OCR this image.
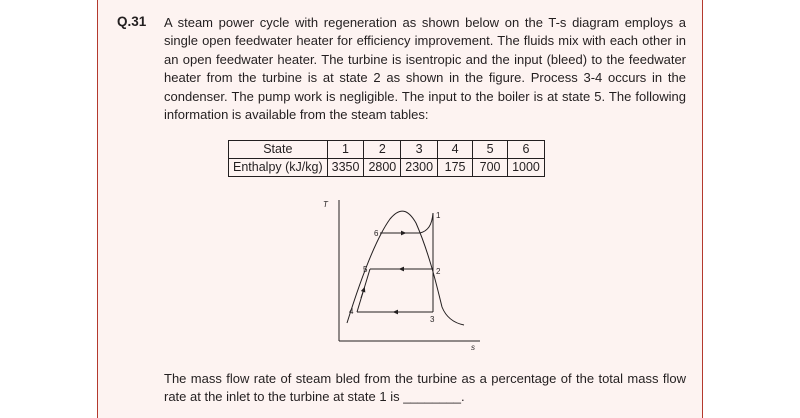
Q.31 A steam power cycle with regeneration as shown below on the T-s diagram employs a single open feedwater heater for efficiency improvement. The fluids mix with each other in an open feedwater heater. The turbine is isentropic and the input (bleed) to the feedwater heater from the turbine is at state 2 as shown in the figure. Process 3-4 occurs in the condenser. The pump work is negligible. The input to the boiler is at state 5. The following information is available from the steam tables:

State	1	2	3	4	5	6
Enthalpy (kJ/kg)	3350	2800	2300	175	700	1000
T
s
1
2
3
4
5
6

The mass flow rate of steam bled from the turbine as a percentage of the total mass flow rate at the inlet to the turbine at state 1 is ________.
